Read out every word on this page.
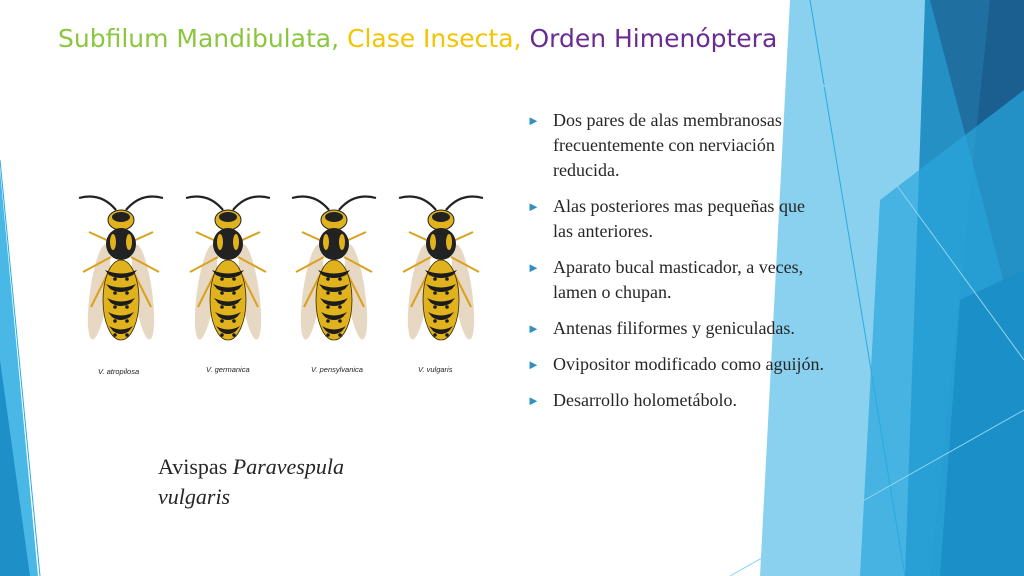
Subfilum Mandibulata, Clase Insecta, Orden Himenóptera
V. atropilosa	V. germanica	V. pensylvanica	V. vulgaris
► Dos pares de alas membranosas frecuentemente con nerviación reducida.
► Alas posteriores mas pequeñas que las anteriores.
► Aparato bucal masticador, a veces, lamen o chupan.
► Antenas filiformes y geniculadas.
► Ovipositor modificado como aguijón.
► Desarrollo holometábolo.
Avispas Paravespula vulgaris
